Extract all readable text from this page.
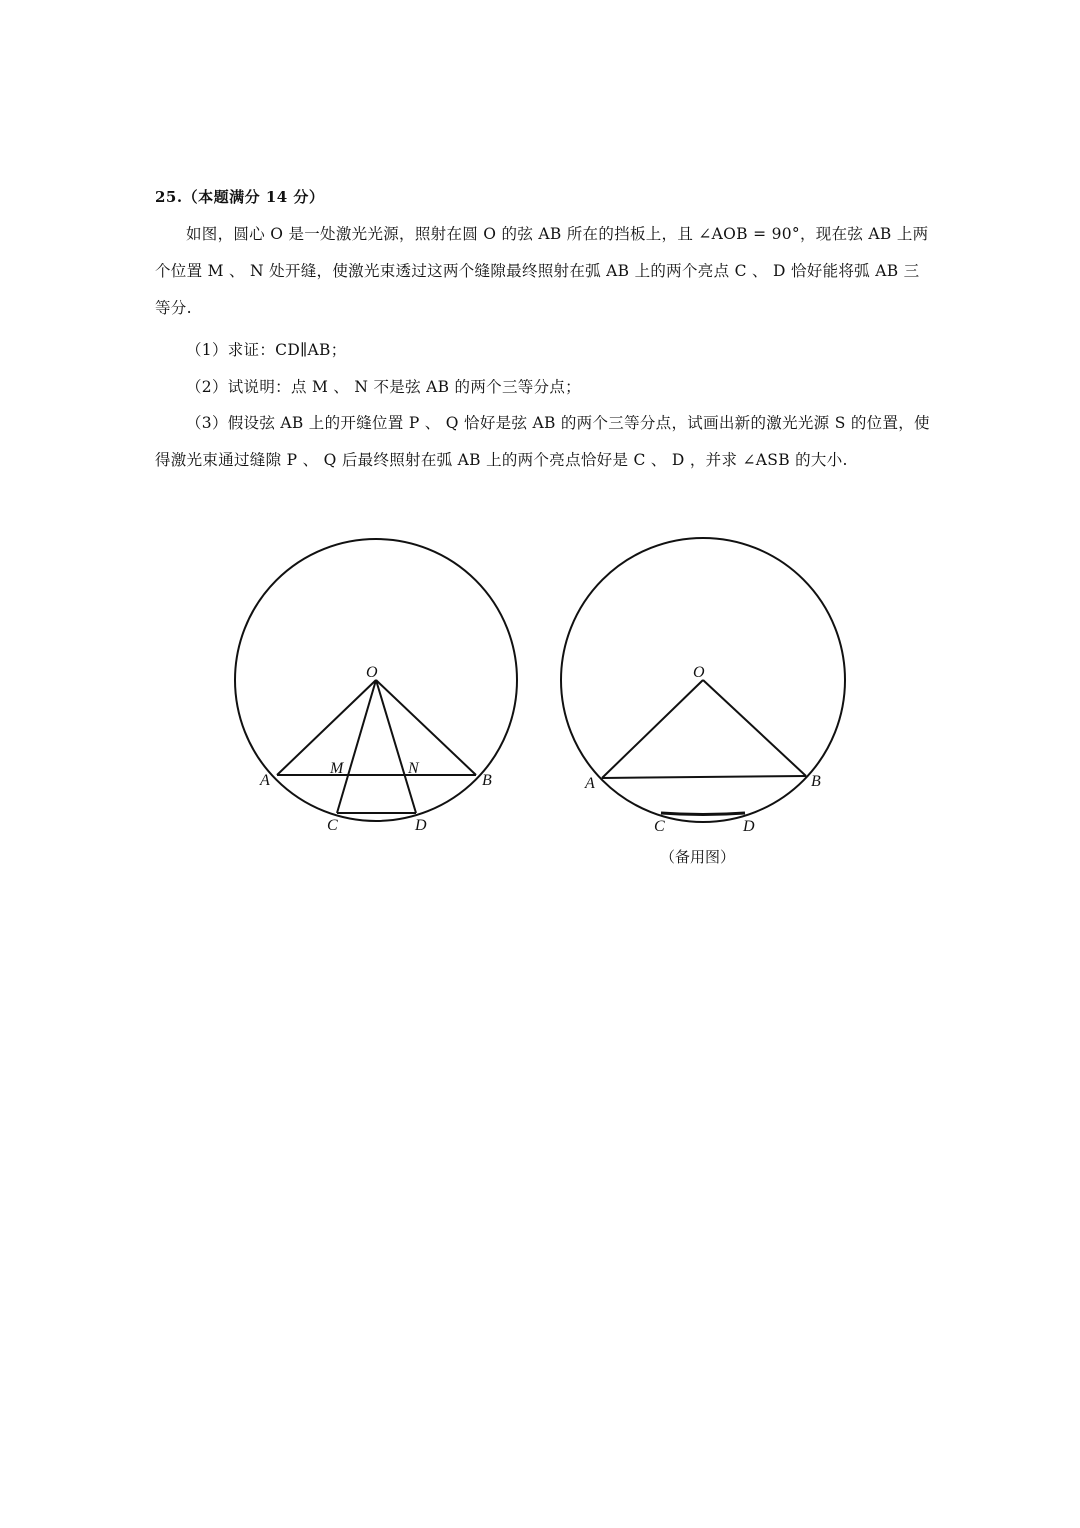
25.（本题满分 14 分）
如图，圆心 O 是一处激光光源，照射在圆 O 的弦 AB 所在的挡板上，且 ∠AOB = 90°，现在弦 AB 上两个位置 M 、 N 处开缝，使激光束透过这两个缝隙最终照射在弧 AB 上的两个亮点 C 、 D 恰好能将弧 AB 三等分.
（1）求证：CD∥AB；
（2）试说明：点 M 、 N 不是弦 AB 的两个三等分点；
（3）假设弦 AB 上的开缝位置 P 、 Q 恰好是弦 AB 的两个三等分点，试画出新的激光光源 S 的位置，使得激光束通过缝隙 P 、 Q 后最终照射在弧 AB 上的两个亮点恰好是 C 、 D ，并求 ∠ASB 的大小.
O
A	B
M	N
C	D
O
A	B
C	D
（备用图）
